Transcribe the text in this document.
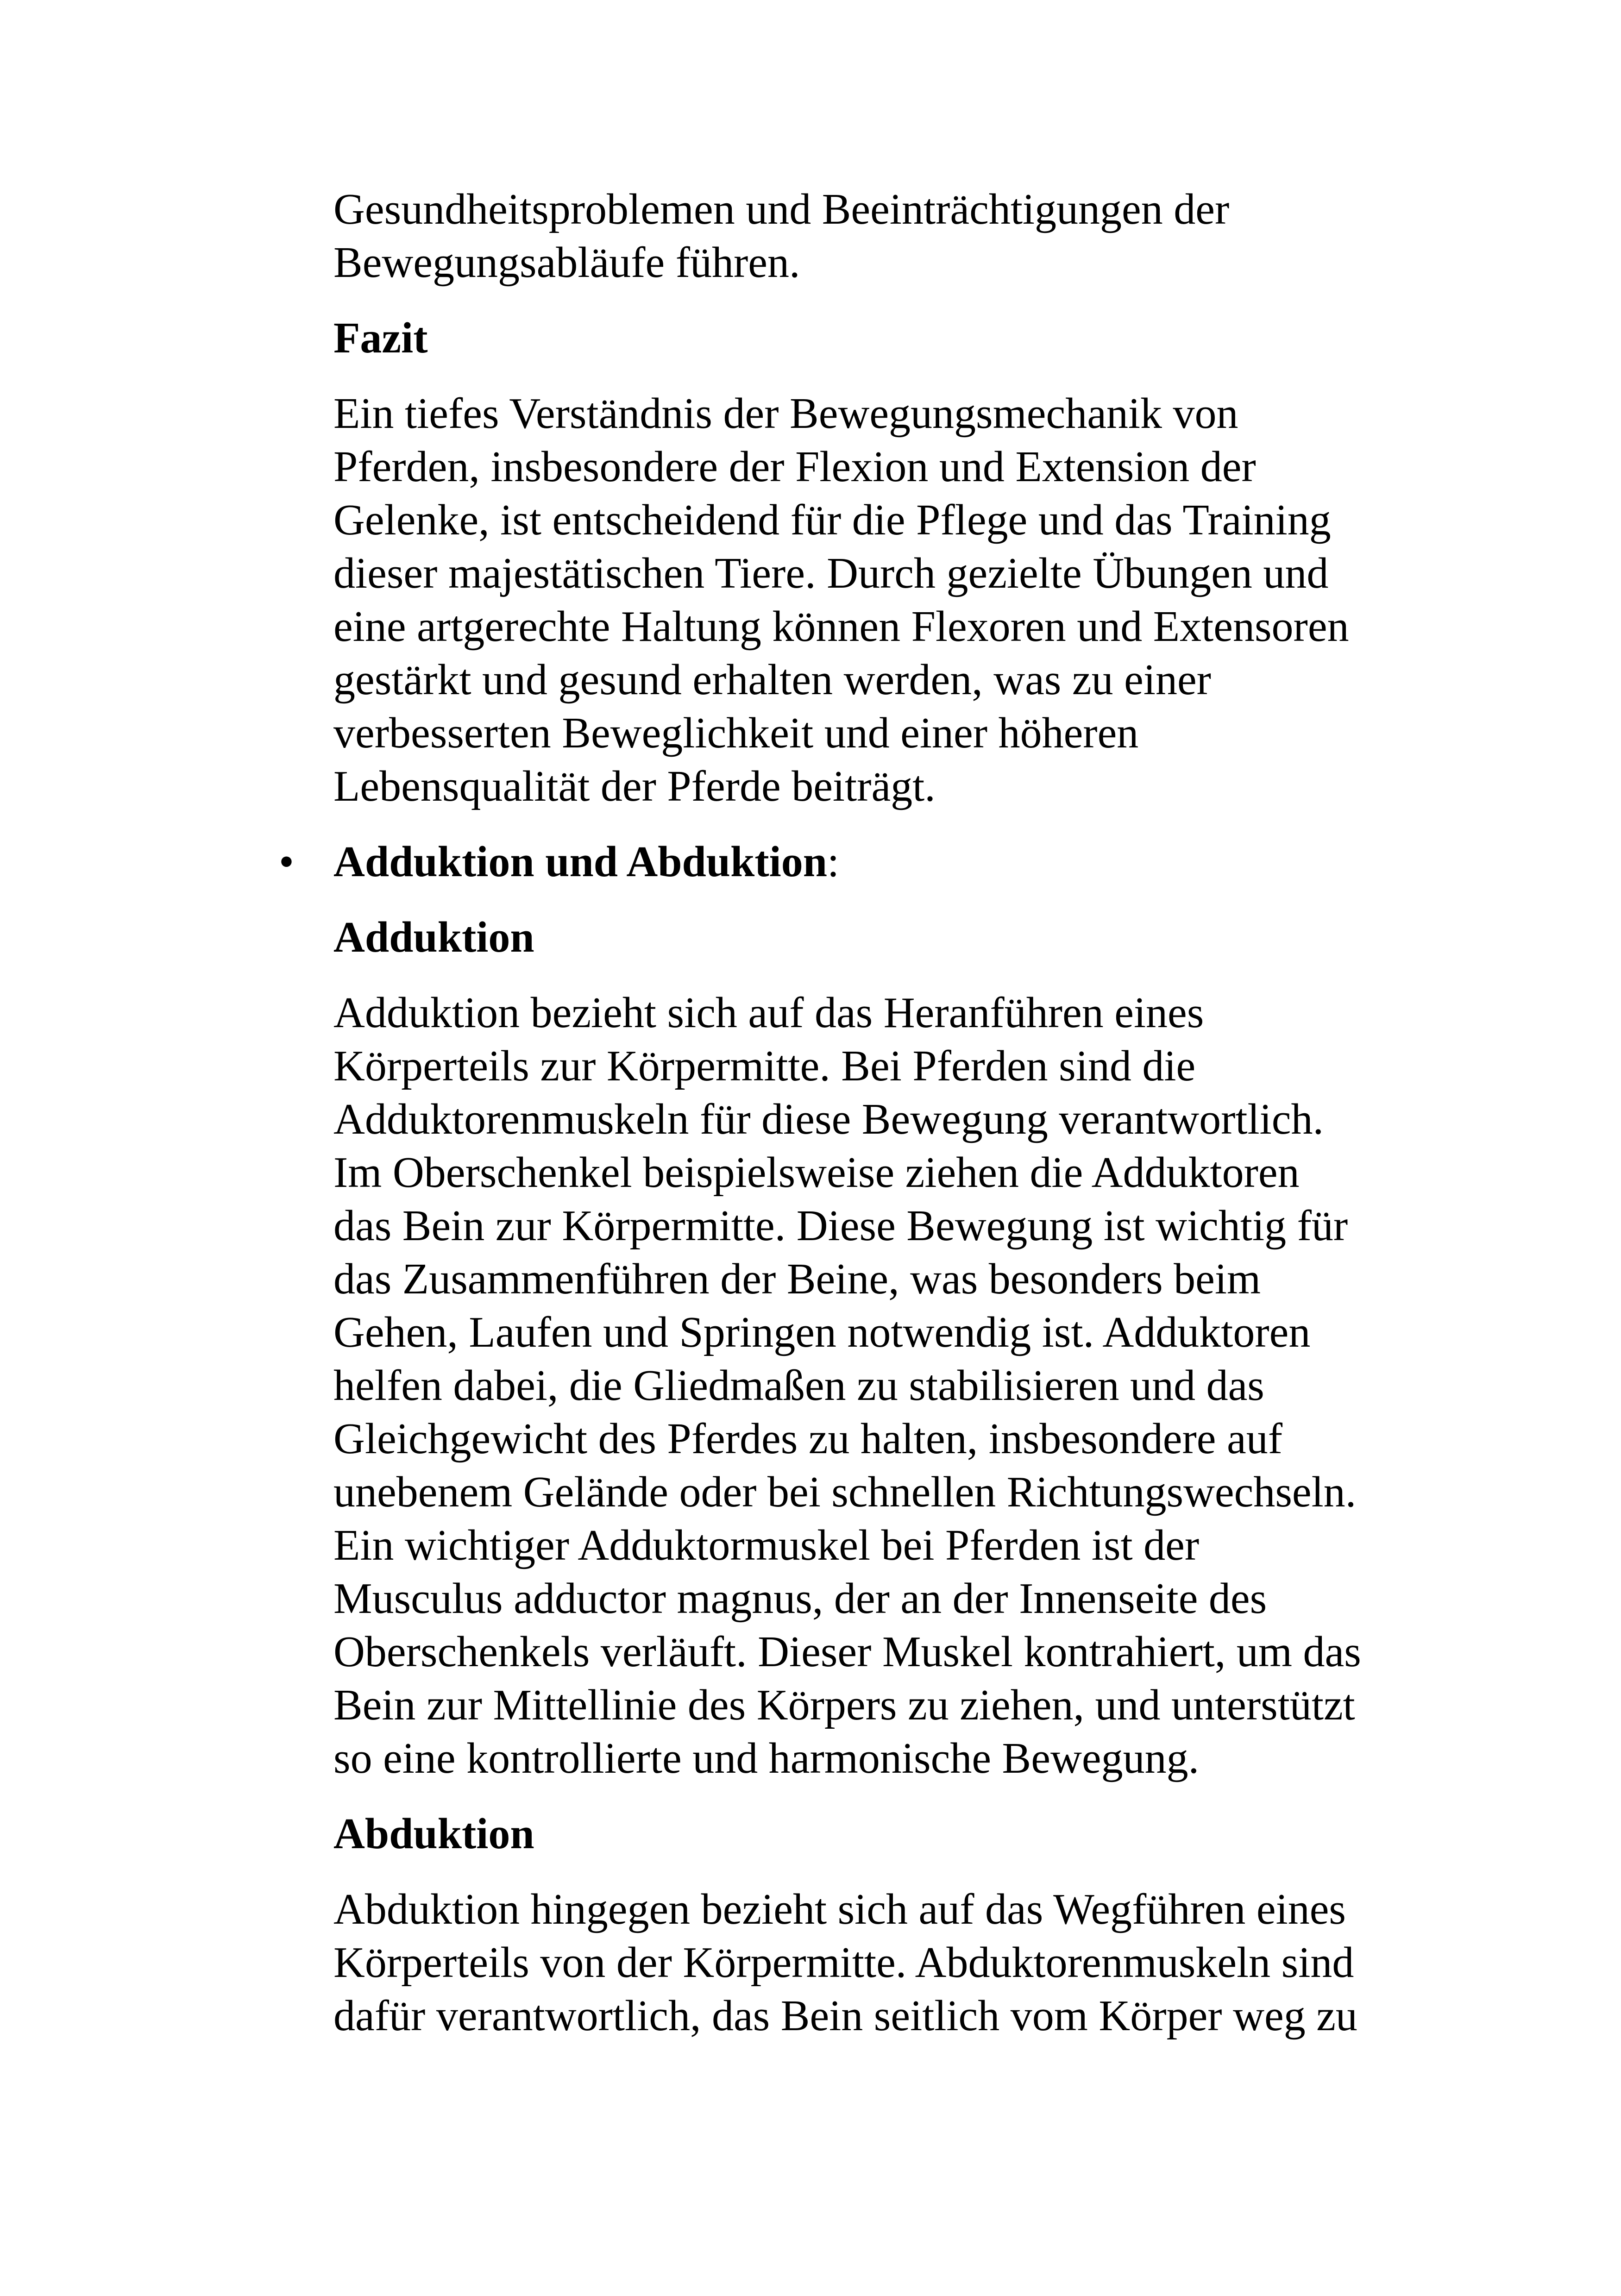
Gesundheitsproblemen und Beeinträchtigungen der

Bewegungsabläufe führen.

Fazit

Ein tiefes Verständnis der Bewegungsmechanik von

Pferden, insbesondere der Flexion und Extension der

Gelenke, ist entscheidend für die Pflege und das Training

dieser majestätischen Tiere. Durch gezielte Übungen und

eine artgerechte Haltung können Flexoren und Extensoren

gestärkt und gesund erhalten werden, was zu einer

verbesserten Beweglichkeit und einer höheren

Lebensqualität der Pferde beiträgt.

• Adduktion und Abduktion:

Adduktion

Adduktion bezieht sich auf das Heranführen eines

Körperteils zur Körpermitte. Bei Pferden sind die

Adduktorenmuskeln für diese Bewegung verantwortlich.

Im Oberschenkel beispielsweise ziehen die Adduktoren

das Bein zur Körpermitte. Diese Bewegung ist wichtig für

das Zusammenführen der Beine, was besonders beim

Gehen, Laufen und Springen notwendig ist. Adduktoren

helfen dabei, die Gliedmaßen zu stabilisieren und das

Gleichgewicht des Pferdes zu halten, insbesondere auf

unebenem Gelände oder bei schnellen Richtungswechseln.

Ein wichtiger Adduktormuskel bei Pferden ist der

Musculus adductor magnus, der an der Innenseite des

Oberschenkels verläuft. Dieser Muskel kontrahiert, um das

Bein zur Mittellinie des Körpers zu ziehen, und unterstützt

so eine kontrollierte und harmonische Bewegung.

Abduktion

Abduktion hingegen bezieht sich auf das Wegführen eines

Körperteils von der Körpermitte. Abduktorenmuskeln sind

dafür verantwortlich, das Bein seitlich vom Körper weg zu
